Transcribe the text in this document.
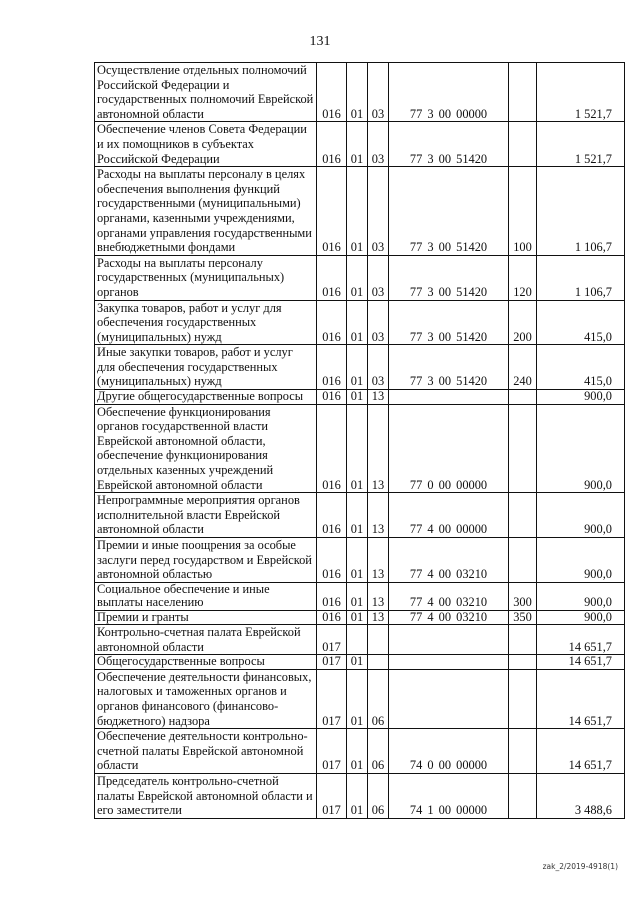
131
Осуществление отдельных полномочий Российской Федерации и государственных полномочий Еврейской автономной области	016	01	03	77 3 00 00000		1 521,7
Обеспечение членов Совета Федерации и их помощников в субъектах Российской Федерации	016	01	03	77 3 00 51420		1 521,7
Расходы на выплаты персоналу в целях обеспечения выполнения функций государственными (муниципальными) органами, казенными учреждениями, органами управления государственными внебюджетными фондами	016	01	03	77 3 00 51420	100	1 106,7
Расходы на выплаты персоналу государственных (муниципальных) органов	016	01	03	77 3 00 51420	120	1 106,7
Закупка товаров, работ и услуг для обеспечения государственных (муниципальных) нужд	016	01	03	77 3 00 51420	200	415,0
Иные закупки товаров, работ и услуг для обеспечения государственных (муниципальных) нужд	016	01	03	77 3 00 51420	240	415,0
Другие общегосударственные вопросы	016	01	13			900,0
Обеспечение функционирования органов государственной власти Еврейской автономной области, обеспечение функционирования отдельных казенных учреждений Еврейской автономной области	016	01	13	77 0 00 00000		900,0
Непрограммные мероприятия органов исполнительной власти Еврейской автономной области	016	01	13	77 4 00 00000		900,0
Премии и иные поощрения за особые заслуги перед государством и Еврейской автономной областью	016	01	13	77 4 00 03210		900,0
Социальное обеспечение и иные выплаты населению	016	01	13	77 4 00 03210	300	900,0
Премии и гранты	016	01	13	77 4 00 03210	350	900,0
Контрольно-счетная палата Еврейской автономной области	017					14 651,7
Общегосударственные вопросы	017	01				14 651,7
Обеспечение деятельности финансовых, налоговых и таможенных органов и органов финансового (финансово-бюджетного) надзора	017	01	06			14 651,7
Обеспечение деятельности контрольно-счетной палаты Еврейской автономной области	017	01	06	74 0 00 00000		14 651,7
Председатель контрольно-счетной палаты Еврейской автономной области и его заместители	017	01	06	74 1 00 00000		3 488,6
zak_2/2019-4918(1)
